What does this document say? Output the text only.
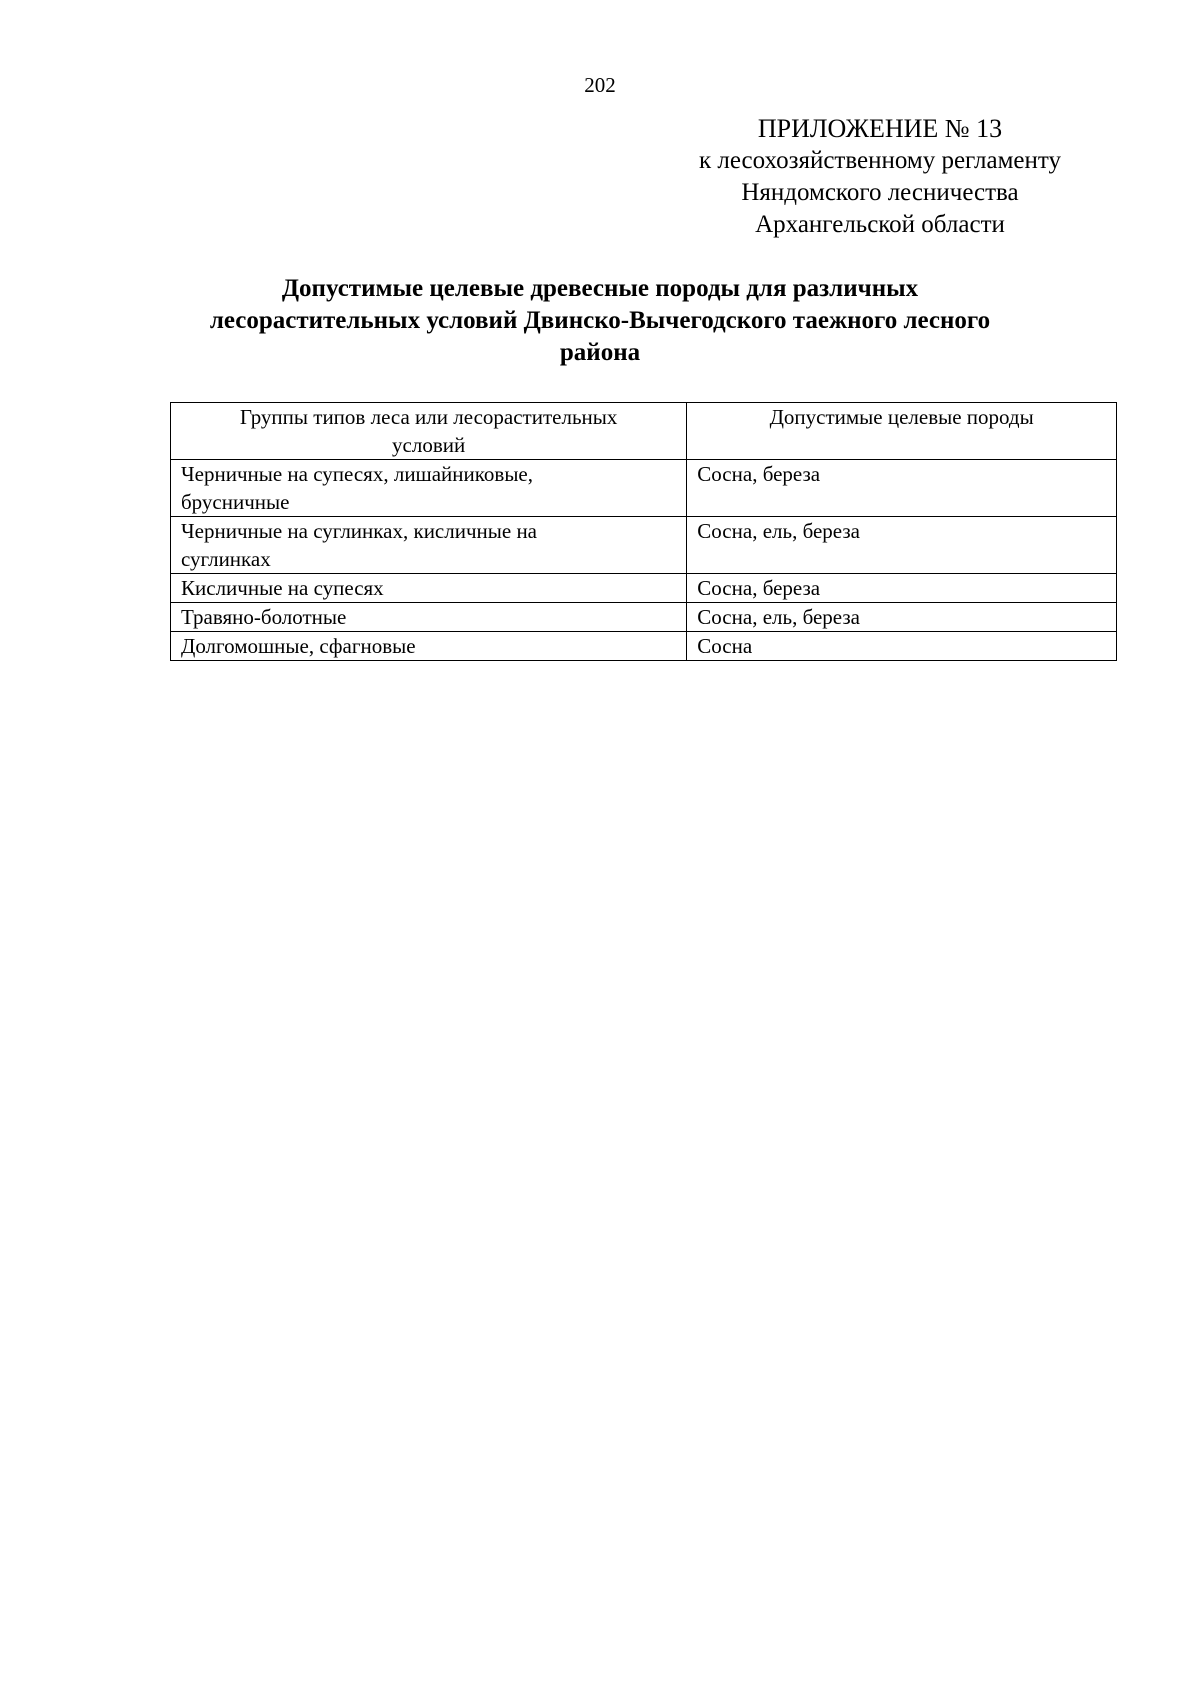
202
ПРИЛОЖЕНИЕ № 13
к лесохозяйственному регламенту
Няндомского лесничества
Архангельской области
Допустимые целевые древесные породы для различных
лесорастительных условий Двинско-Вычегодского таежного лесного
района
Группы типов леса или лесорастительных
условий	Допустимые целевые породы

Черничные на супесях, лишайниковые,
брусничные	Сосна, береза

Черничные на суглинках, кисличные на
суглинках	Сосна, ель, береза
Кисличные на супесях	Сосна, береза
Травяно-болотные	Сосна, ель, береза
Долгомошные, сфагновые	Сосна
